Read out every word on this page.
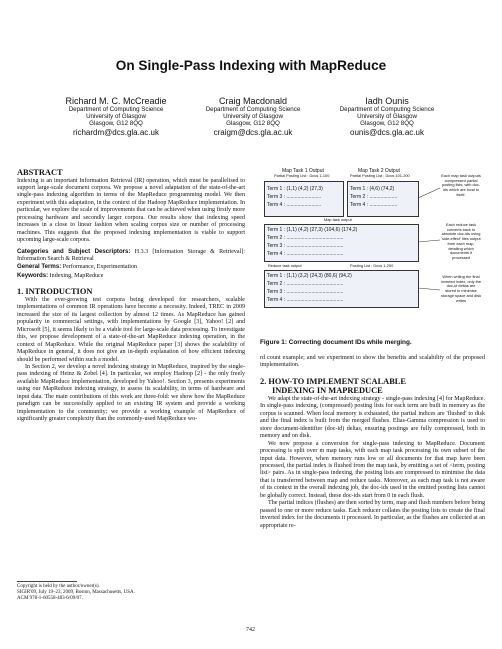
On Single-Pass Indexing with MapReduce
Richard M. C. McCreadie
Department of Computing Science
University of Glasgow
Glasgow, G12 8QQ
richardm@dcs.gla.ac.uk
Craig Macdonald
Department of Computing Science
University of Glasgow
Glasgow, G12 8QQ
craigm@dcs.gla.ac.uk
Iadh Ounis
Department of Computing Science
University of Glasgow
Glasgow, G12 8QQ
ounis@dcs.gla.ac.uk
ABSTRACT

Indexing is an important Information Retrieval (IR) operation, which must be parallelised to support large-scale document corpora. We propose a novel adaptation of the state-of-the-art single-pass indexing algorithm in terms of the MapReduce programming model. We then experiment with this adaptation, in the context of the Hadoop MapReduce implementation. In particular, we explore the scale of improvements that can be achieved when using firstly more processing hardware and secondly larger corpora. Our results show that indexing speed increases in a close to linear fashion when scaling corpus size or number of processing machines. This suggests that the proposed indexing implementation is viable to support upcoming large-scale corpora.

Categories and Subject Descriptors: H.3.3 [Information Storage & Retrieval]: Information Search & Retrieval

General Terms: Performance, Experimentation

Keywords: Indexing, MapReduce

1. INTRODUCTION

With the ever-growing test corpora being developed for researchers, scalable implementations of common IR operations have become a necessity. Indeed, TREC in 2009 increased the size of its largest collection by almost 12 times. As MapReduce has gained popularity in commercial settings, with implementations by Google [3], Yahoo! [2] and Microsoft [5], it seems likely to be a viable tool for large-scale data processing. To investigate this, we propose development of a state-of-the-art MapReduce indexing operation, in the context of MapReduce. While the original MapReduce paper [3] shows the scalability of MapReduce in general, it does not give an in-depth explanation of how efficient indexing should be performed within such a model.

In Section 2, we develop a novel indexing strategy in MapReduce, inspired by the single-pass indexing of Heinz & Zobel [4]. In particular, we employ Hadoop [2] - the only freely available MapReduce implementation, developed by Yahoo!. Section 3, presents experiments using our MapReduce indexing strategy, to assess its scalability, in terms of hardware and input data. The main contributions of this work are three-fold: we show how the MapReduce paradigm can be successfully applied to an existing IR system and provide a working implementation to the community; we provide a working example of MapReduce of significantly greater complexity than the commonly-used MapReduce wo-

Copyright is held by the author/owner(s).
SIGIR'09, July 19–23, 2009, Boston, Massachusetts, USA.
ACM 978-1-60558-483-6/09/07.
Map Task 1 Output
Partial Posting List : Docs 1-100
Map Task 2 Output
Partial Posting List : Docs 101-200
Term 1 : (1,1) (4,2) (27,3)
Term 3 : .........................
Term 4 : .........................
Term 1 : (4,6) (74,2)
Term 2 : ....................
Term 4 : ....................
Map task output
Term 1 : (1,1) (4,2) (27,3) (104,6) (174,2)
Term 2 : .........................................
Term 3 : .........................................
Term 4 : .........................................
Reduce task output	Posting List : Docs 1-200
Term 1 : (1,1) (3,2) (24,3) (80,6) (94,2)
Term 2 : .........................................
Term 3 : .........................................
Term 4 : .........................................
Each map task outputs compressed partial posting lists, with doc-ids which are local to itself.
Each reduce task converts back to absolute doc-ids using 'side-effect' files output from each map, detailing which documents it processed
When writing the final inverted index, only the doc-id deltas are stored to minimise storage space and disk writes
Figure 1: Correcting document IDs while merging.

rd count example; and we experiment to show the benefits and scalability of the proposed implementation.

2. HOW-TO IMPLEMENT SCALABLE
INDEXING IN MAPREDUCE

We adapt the state-of-the-art indexing strategy - single-pass indexing [4] for MapReduce. In single-pass indexing, (compressed) posting lists for each term are built in memory as the corpus is scanned. When local memory is exhausted, the partial indices are 'flushed' to disk and the final index is built from the merged flushes. Elias-Gamma compression is used to store document-identifier (doc-id) deltas, ensuring postings are fully compressed, both in memory and on disk.

We now propose a conversion for single-pass indexing to MapReduce. Document processing is split over m map tasks, with each map task processing its own subset of the input data. However, when memory runs low or all documents for that map have been processed, the partial index is flushed from the map task, by emitting a set of <term, posting list> pairs. As in single-pass indexing, the posting lists are compressed to minimise the data that is transferred between map and reduce tasks. Moreover, as each map task is not aware of its context in the overall indexing job, the doc-ids used in the emitted posting lists cannot be globally correct. Instead, these doc-ids start from 0 in each flush.

The partial indices (flushes) are then sorted by term, map and flush numbers before being passed to one or more reduce tasks. Each reducer collates the posting lists to create the final inverted index for the documents it processed. In particular, as the flushes are collected at an appropriate re-

742
